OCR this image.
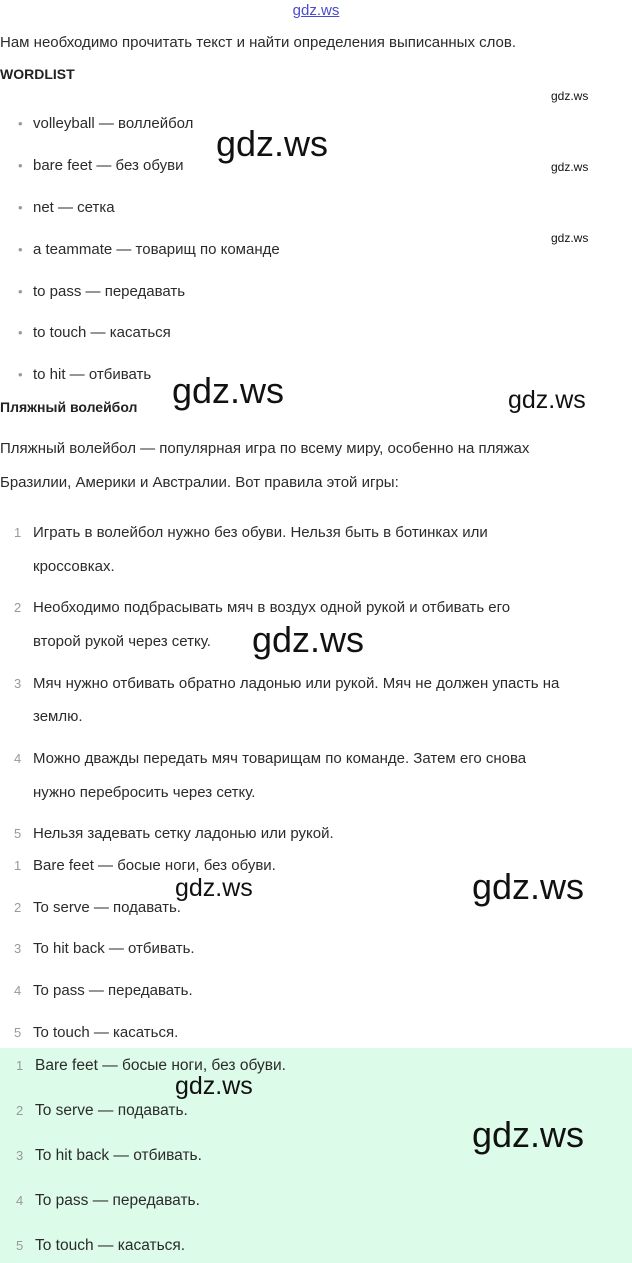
gdz.ws
Нам необходимо прочитать текст и найти определения выписанных слов.
WORDLIST
• volleyball — воллейбол
• bare feet — без обуви
• net — сетка
• a teammate — товарищ по команде
• to pass — передавать
• to touch — касаться
• to hit — отбивать
Пляжный волейбол
Пляжный волейбол — популярная игра по всему миру, особенно на пляжах
Бразилии, Америки и Австралии. Вот правила этой игры:
1 Играть в волейбол нужно без обуви. Нельзя быть в ботинках или
кроссовках.
2 Необходимо подбрасывать мяч в воздух одной рукой и отбивать его
второй рукой через сетку.
3 Мяч нужно отбивать обратно ладонью или рукой. Мяч не должен упасть на
землю.
4 Можно дважды передать мяч товарищам по команде. Затем его снова
нужно перебросить через сетку.
5 Нельзя задевать сетку ладонью или рукой.
1 Bare feet — босые ноги, без обуви.
2 To serve — подавать.
3 To hit back — отбивать.
4 To pass — передавать.
5 To touch — касаться.
1 Bare feet — босые ноги, без обуви.
2 To serve — подавать.
3 To hit back — отбивать.
4 To pass — передавать.
5 To touch — касаться.
gdz.ws
gdz.ws
gdz.ws
gdz.ws
gdz.ws	gdz.ws
gdz.ws
gdz.ws	gdz.ws
gdz.ws
gdz.ws
